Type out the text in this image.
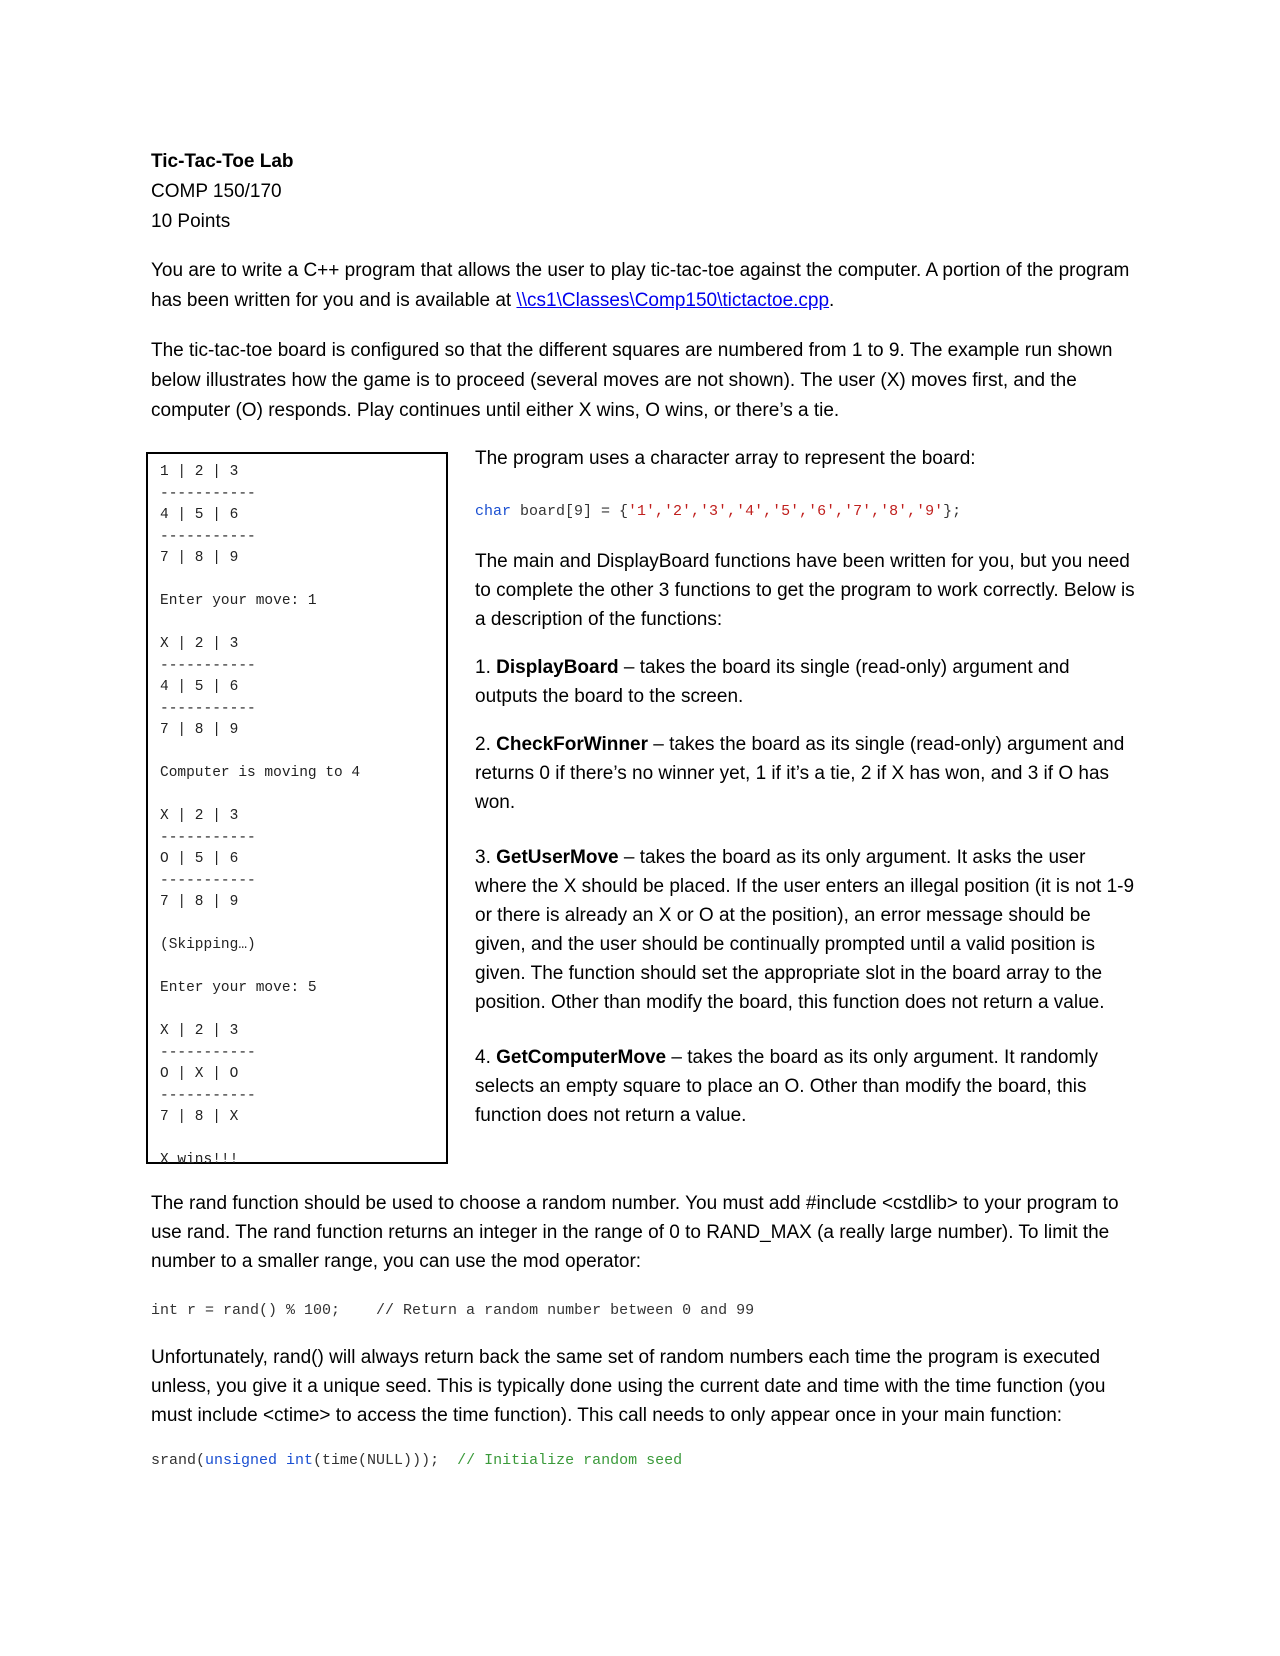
Tic-Tac-Toe Lab
COMP 150/170
10 Points

You are to write a C++ program that allows the user to play tic-tac-toe against the computer. A portion of the program has been written for you and is available at \\cs1\Classes\Comp150\tictactoe.cpp.

The tic-tac-toe board is configured so that the different squares are numbered from 1 to 9. The example run shown below illustrates how the game is to proceed (several moves are not shown). The user (X) moves first, and the computer (O) responds. Play continues until either X wins, O wins, or there’s a tie.

1 | 2 | 3
-----------
4 | 5 | 6
-----------
7 | 8 | 9
Enter your move: 1
X | 2 | 3
-----------
4 | 5 | 6
-----------
7 | 8 | 9
Computer is moving to 4
X | 2 | 3
-----------
O | 5 | 6
-----------
7 | 8 | 9
(Skipping…)
Enter your move: 5
X | 2 | 3
-----------
O | X | O
-----------
7 | 8 | X
X wins!!!

The program uses a character array to represent the board:

char board[9] = {'1','2','3','4','5','6','7','8','9'};

The main and DisplayBoard functions have been written for you, but you need to complete the other 3 functions to get the program to work correctly. Below is a description of the functions:

1. DisplayBoard – takes the board its single (read-only) argument and outputs the board to the screen.

2. CheckForWinner – takes the board as its single (read-only) argument and returns 0 if there’s no winner yet, 1 if it’s a tie, 2 if X has won, and 3 if O has won.

3. GetUserMove – takes the board as its only argument. It asks the user where the X should be placed. If the user enters an illegal position (it is not 1-9 or there is already an X or O at the position), an error message should be given, and the user should be continually prompted until a valid position is given. The function should set the appropriate slot in the board array to the position. Other than modify the board, this function does not return a value.

4. GetComputerMove – takes the board as its only argument. It randomly selects an empty square to place an O. Other than modify the board, this function does not return a value.

The rand function should be used to choose a random number. You must add #include <cstdlib> to your program to use rand. The rand function returns an integer in the range of 0 to RAND_MAX (a really large number). To limit the number to a smaller range, you can use the mod operator:

int r = rand() % 100; // Return a random number between 0 and 99

Unfortunately, rand() will always return back the same set of random numbers each time the program is executed unless, you give it a unique seed. This is typically done using the current date and time with the time function (you must include <ctime> to access the time function). This call needs to only appear once in your main function:

srand(unsigned int(time(NULL))); // Initialize random seed
